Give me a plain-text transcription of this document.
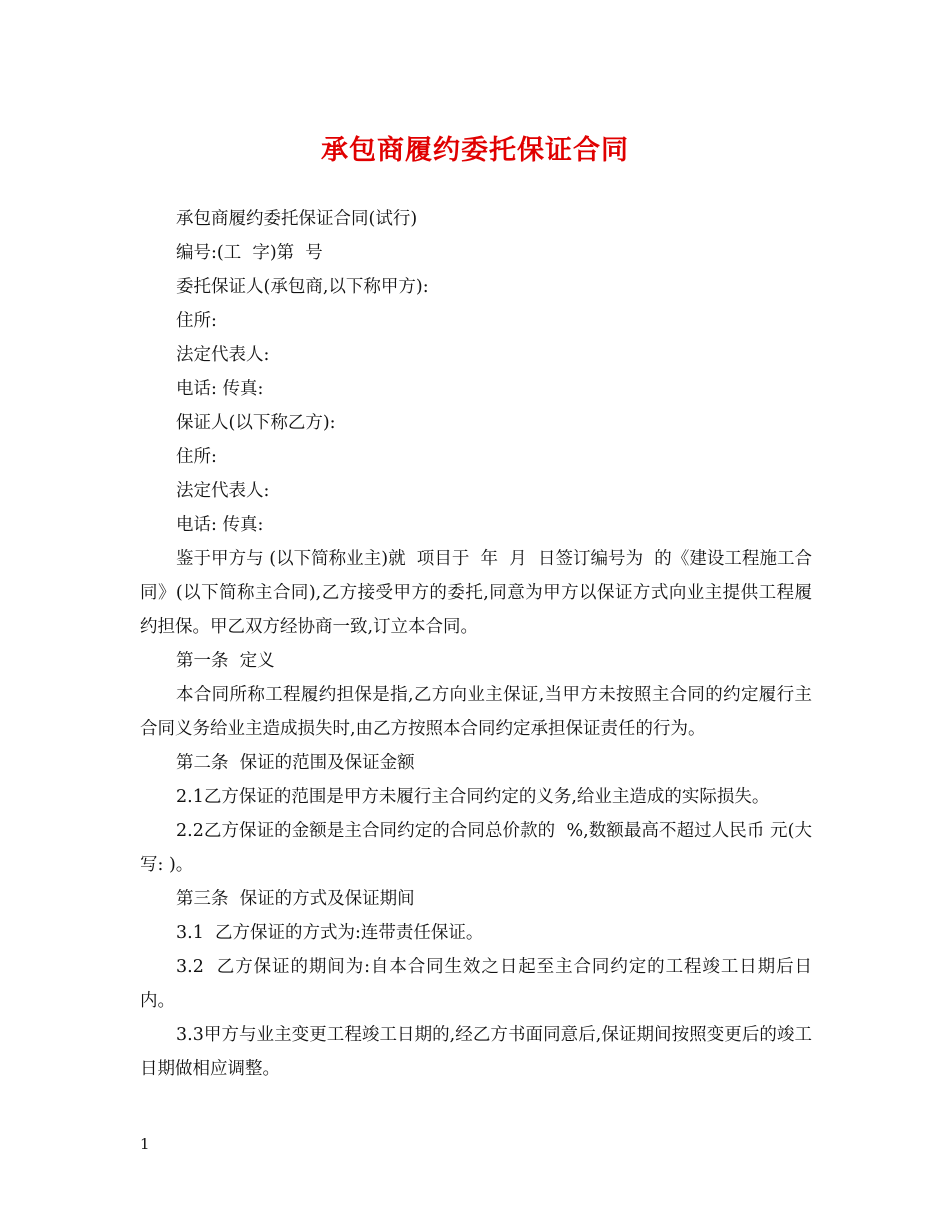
承包商履约委托保证合同

承包商履约委托保证合同(试行)

编号:(工  字)第  号

委托保证人(承包商,以下称甲方):

住所:

法定代表人:

电话: 传真:

保证人(以下称乙方):

住所:

法定代表人:

电话: 传真:

鉴于甲方与 (以下简称业主)就  项目于  年  月  日签订编号为  的《建设工程施工合同》(以下简称主合同),乙方接受甲方的委托,同意为甲方以保证方式向业主提供工程履约担保。甲乙双方经协商一致,订立本合同。

第一条  定义

本合同所称工程履约担保是指,乙方向业主保证,当甲方未按照主合同的约定履行主合同义务给业主造成损失时,由乙方按照本合同约定承担保证责任的行为。

第二条  保证的范围及保证金额

2.1乙方保证的范围是甲方未履行主合同约定的义务,给业主造成的实际损失。

2.2乙方保证的金额是主合同约定的合同总价款的  %,数额最高不超过人民币 元(大写: )。

第三条  保证的方式及保证期间

3.1  乙方保证的方式为:连带责任保证。

3.2  乙方保证的期间为:自本合同生效之日起至主合同约定的工程竣工日期后日内。

3.3甲方与业主变更工程竣工日期的,经乙方书面同意后,保证期间按照变更后的竣工日期做相应调整。

1
